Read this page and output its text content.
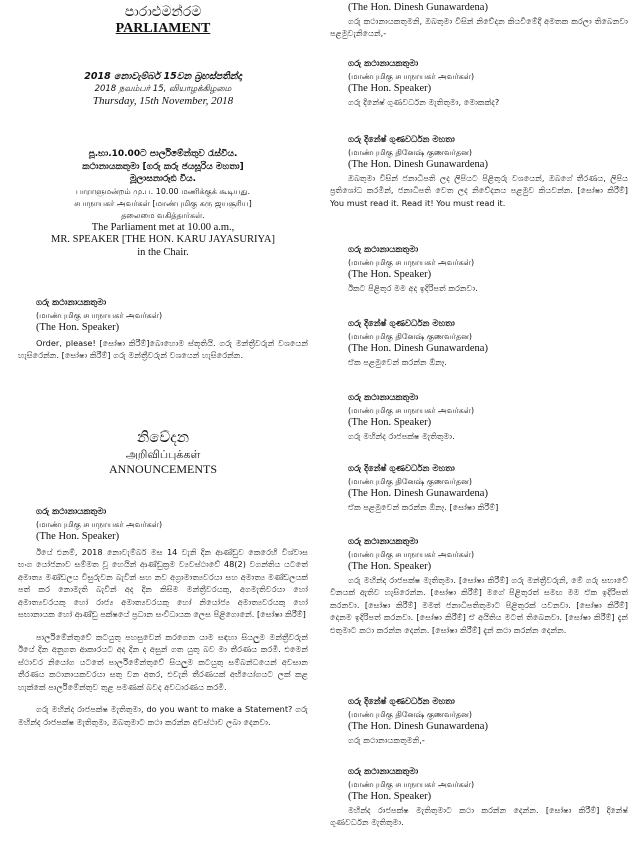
පාරාළුමන්රම
PARLIAMENT
2018 නොවැම්බර් 15වන බ්‍රහස්පතින්දා
2018 நவம்பர் 15, வியாழக்கிழமை
Thursday, 15th November, 2018
පූ.භා.10.00ට පාර්ලිමේන්තුව රැස්විය.
කථානායකතුමා [ගරු කරු ජයසූරිය මහතා]
මූලාසනාරූඪ විය.
பாராளுமன்றம் மு.ப. 10.00 மணிக்குக் கூடியது.
சபாநாயகர் அவர்கள் [மாண்புமிகு கரு ஜயசூரிய]
தலைமை வகித்தார்கள்.
The Parliament met at 10.00 a.m.,
MR. SPEAKER [THE HON. KARU JAYASURIYA]
in the Chair.
ගරු කථානායකතුමා
(மாண்புமிகு சபாநாயகர் அவர்கள்)
(The Hon. Speaker)
Order, please! [සෝෂා කිරීම්]බොහොම ස්තූතියි. ගරු මන්ත්‍රීවරුන් වශයෙන් හැසිරෙන්න. [සෝෂා කිරීම්] ගරු මන්ත්‍රීවරුන් වශයෙන් හැසිරෙන්න.
නිවේදන
அறிவிப்புக்கள்
ANNOUNCEMENTS
ගරු කථානායකතුමා
(மாண்புமிகு சபாநாயகர் அவர்கள்)
(The Hon. Speaker)
ඊයේ එනම්, 2018 නොවැම්බර් මස 14 වැනි දින ආණ්ඩුව කෙරෙහි විශ්වාස භංග යෝජනාව සම්මත වූ හෙයින් ආණ්ඩුක්‍රම ව්‍යවස්ථාවේ 48(2) වගන්තිය යටතේ අමාත්‍ය මණ්ඩලය විසුරුවන බැවින් සහ නව අග්‍රාමාත්‍යවරයා සහ අමාත්‍ය මණ්ඩලයක් පත් කර නොමැති බැවින් අද දින කිසිම මන්ත්‍රීවරයකු, අගමැතිවරයා හෝ අමාත්‍යවරයකු හෝ රාජ්‍ය අමාත්‍යවරයකු හෝ නියෝජ්‍ය අමාත්‍යවරයකු හෝ සභානායක හෝ ආණ්ඩු පක්ෂයේ ප්‍රධාන සංවිධායක ලෙස පිළිගොනේ. [සෝෂා කිරීම්]
පාර්ලිමේන්තුවේ කටයුතු පහසුවෙන් කරගෙන යාම සඳහා සියලුම මන්ත්‍රීවරුන් ඊයේ දින අනුගත ආකාරයට අද දින ද අසුන් ගත යුතු බව මා තීරණය කරමි. එමෙන් ස්ථාවර නියෝග යටතේ පාර්ලිමේන්තුවේ සියලුම කටයුතු සම්බන්ධයෙන් අවසාන තීරණය කථානායකවරයා සතු වන අතර, එවැනි තීරණයක් අභියෝගයට ලක් කළ හැක්කේ පාර්ලිමේන්තුව තුළ පමණක් බවද අවධාරණය කරමි.
ගරු මහින්ද රාජපක්ෂ මැතිතුමා, do you want to make a Statement? ගරු මහින්ද රාජපක්ෂ මැතිතුමා, ඔබතුමාට කථා කරන්න අවස්ථාව ලබා දෙනවා.
(The Hon. Dinesh Gunawardena)
ගරු කථානායකතුමනි, ඔබතුමා විසින් නිවේදන කියවීමේදී අමතක කරලා තිබෙනවා පළමුවැනියෙන්,-
ගරු කථානායකතුමා
(மாண்புமிகு சபாநாயகர் அவர்கள்)
(The Hon. Speaker)
ගරු දිනේෂ් ගුණවර්ධන මැතිතුමා, මොකක්ද?
ගරු දිනේෂ් ගුණවර්ධන මහතා
(மாண்புமிகு தினேஷ் குணவர்தன)
(The Hon. Dinesh Gunawardena)
ඔබතුමා විසින් ජනාධිපති ලද ලිපියට පිළිතුරු වශයෙන්, ඔබගේ තීරණය, ලිපිය ප්‍රතිශෝධ කරමින්, ජනාධිපති වෙත ලද නිවේදනය පළමුව කියවන්න. [සෝෂා කිරීම්] You must read it. Read it! You must read it.
ගරු කථානායකතුමා
(மாண்புமிகு சபாநாயகர் அவர்கள்)
(The Hon. Speaker)
ඊකට පිළිතුර මම අද ඉදිරිපත් කරනවා.
ගරු දිනේෂ් ගුණවර්ධන මහතා
(மாண்புமிகு தினேஷ் குணவர்தன)
(The Hon. Dinesh Gunawardena)
ඒක පළමුවෙන් කරන්න ඕනෑ.
ගරු කථානායකතුමා
(மாண்புமிகு சபாநாயகர் அவர்கள்)
(The Hon. Speaker)
ගරු මහින්ද රාජපක්ෂ මැතිතුමා.
ගරු දිනේෂ් ගුණවර්ධන මහතා
(மாண்புமிகு தினேஷ் குணவர்தன)
(The Hon. Dinesh Gunawardena)
ඒක පළමුවෙන් කරන්න ඕනෑ. [සෝෂා කිරීම්]
ගරු කථානායකතුමා
(மாண்புமிகு சபாநாயகர் அவர்கள்)
(The Hon. Speaker)
ගරු මහින්ද රාජපක්ෂ මැතිතුමා. [සෝෂා කිරීම්] ගරු මන්ත්‍රීවරුනි, මේ ගරු සභාවේ විනයක් ඇතිව හැසිරෙන්න. [සෝෂා කිරීම්] මගේ පිළිතුරත් සමඟ මම ඒක ඉදිරිපත් කරනවා. [සෝෂා කිරීම්] මමත් ජනාධිපතිතුමාට පිළිතුරක් යවනවා. [සෝෂා කිරීම්] දෙනම ඉදිරිපත් කරනවා. [සෝෂා කිරීම්] ඒ අයිතිය මටත් තිබෙනවා. [සෝෂා කිරීම්] දැන් එතුමාට කථා කරන්න දෙන්න. [සෝෂා කිරීම්] දැන් කථා කරන්න දෙන්න.
ගරු දිනේෂ් ගුණවර්ධන මහතා
(மாண்புமிகு தினேஷ் குணவர்தன)
(The Hon. Dinesh Gunawardena)
ගරු කථානායකතුමනි,-
ගරු කථානායකතුමා
(மாண்புமிகு சபாநாயகர் அவர்கள்)
(The Hon. Speaker)
මහින්ද රාජපක්ෂ මැතිතුමාට කථා කරන්න දෙන්න. [සෝෂා කිරීම්] දිනේෂ් ගුණවර්ධන මැතිතුමා.
